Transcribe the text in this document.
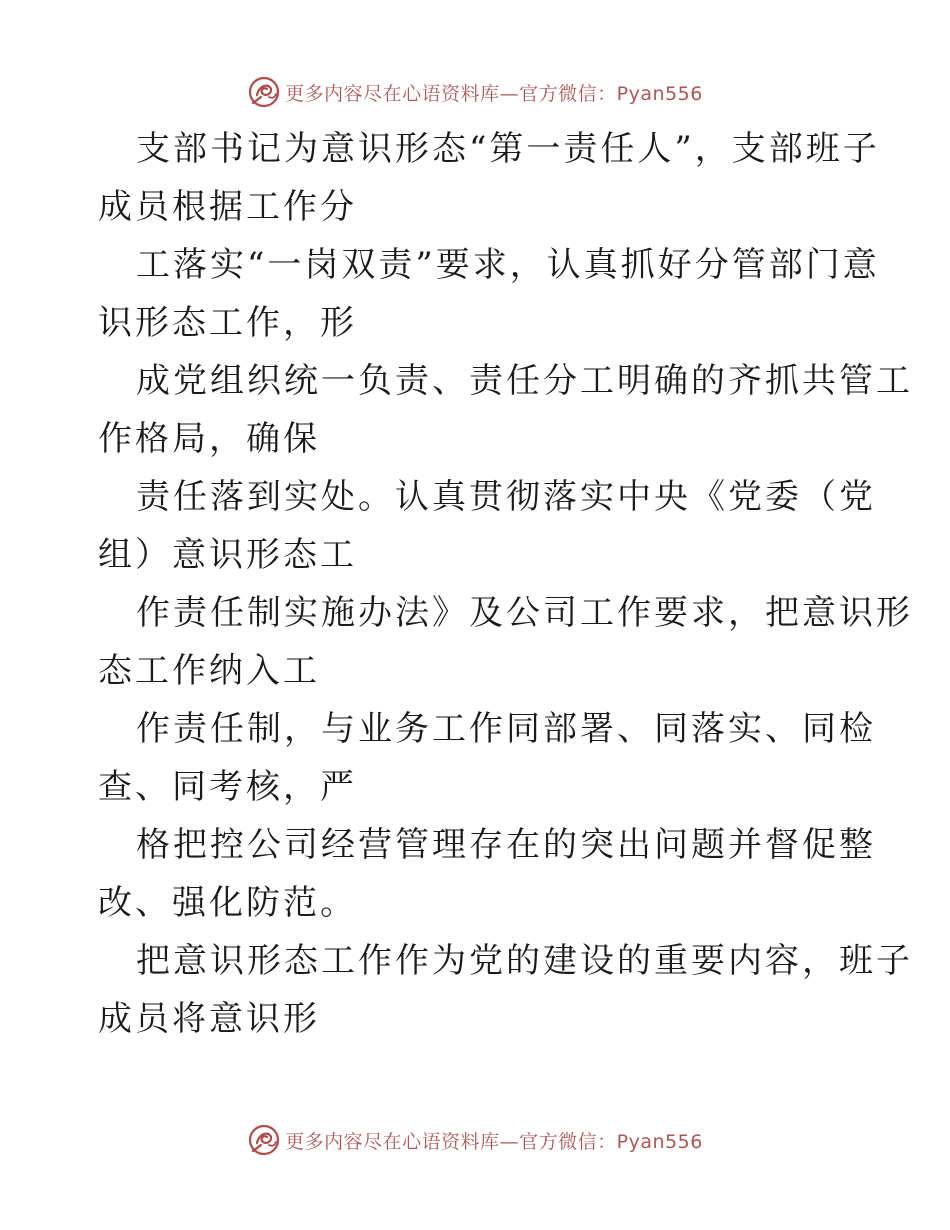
更多内容尽在心语资料库—官方微信：Pyan556
支部书记为意识形态“第一责任人”，支部班子
成员根据工作分
工落实“一岗双责”要求，认真抓好分管部门意
识形态工作，形
成党组织统一负责、责任分工明确的齐抓共管工
作格局，确保
责任落到实处。认真贯彻落实中央《党委（党
组）意识形态工
作责任制实施办法》及公司工作要求，把意识形
态工作纳入工
作责任制，与业务工作同部署、同落实、同检
查、同考核，严
格把控公司经营管理存在的突出问题并督促整
改、强化防范。
把意识形态工作作为党的建设的重要内容，班子
成员将意识形
更多内容尽在心语资料库—官方微信：Pyan556
